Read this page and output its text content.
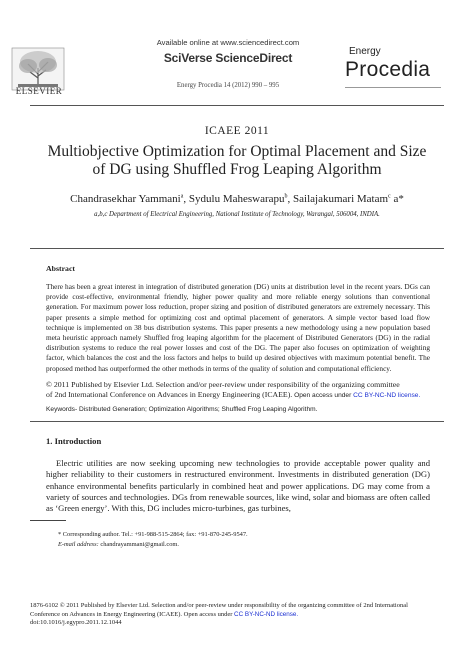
ELSEVIER
Available online at www.sciencedirect.com
SciVerse ScienceDirect
Energy Procedia 14 (2012) 990 – 995
Energy
Procedia
ICAEE 2011
Multiobjective Optimization for Optimal Placement and Size
of DG using Shuffled Frog Leaping Algorithm
Chandrasekhar Yammani$^a$, Sydulu Maheswarapu$^b$, Sailajakumari Matam$^c$ a*
a,b,c Department of Electrical Engineering, National Institute of Technology, Warangal, 506004, INDIA.
Abstract
There has been a great interest in integration of distributed generation (DG) units at distribution level in the recent years. DGs can provide cost-effective, environmental friendly, higher power quality and more reliable energy solutions than conventional generation. For maximum power loss reduction, proper sizing and position of distributed generators are extremely necessary. This paper presents a simple method for optimizing cost and optimal placement of generators. A simple vector based load flow technique is implemented on 38 bus distribution systems. This paper presents a new methodology using a new population based meta heuristic approach namely Shuffled frog leaping algorithm for the placement of Distributed Generators (DG) in the radial distribution systems to reduce the real power losses and cost of the DG. The paper also focuses on optimization of weighting factor, which balances the cost and the loss factors and helps to build up desired objectives with maximum potential benefit. The proposed method has outperformed the other methods in terms of the quality of solution and computational efficiency.
© 2011 Published by Elsevier Ltd. Selection and/or peer-review under responsibility of the organizing committee
of 2nd International Conference on Advances in Energy Engineering (ICAEE). Open access under CC BY-NC-ND license.
Keywords- Distributed Generation; Optimization Algorithms; Shuffled Frog Leaping Algorithm.
1. Introduction
Electric utilities are now seeking upcoming new technologies to provide acceptable power quality and higher reliability to their customers in restructured environment. Investments in distributed generation (DG) enhance environmental benefits particularly in combined heat and power applications. DG may come from a variety of sources and technologies. DGs from renewable sources, like wind, solar and biomass are often called as ‘Green energy’. With this, DG includes micro-turbines, gas turbines,
* Corresponding author. Tel.: +91-988-515-2864; fax: +91-870-245-9547.
E-mail address: chandrayammani@gmail.com.
1876-6102 © 2011 Published by Elsevier Ltd. Selection and/or peer-review under responsibility of the organizing committee of 2nd International
Conference on Advances in Energy Engineering (ICAEE). Open access under CC BY-NC-ND license.
doi:10.1016/j.egypro.2011.12.1044
